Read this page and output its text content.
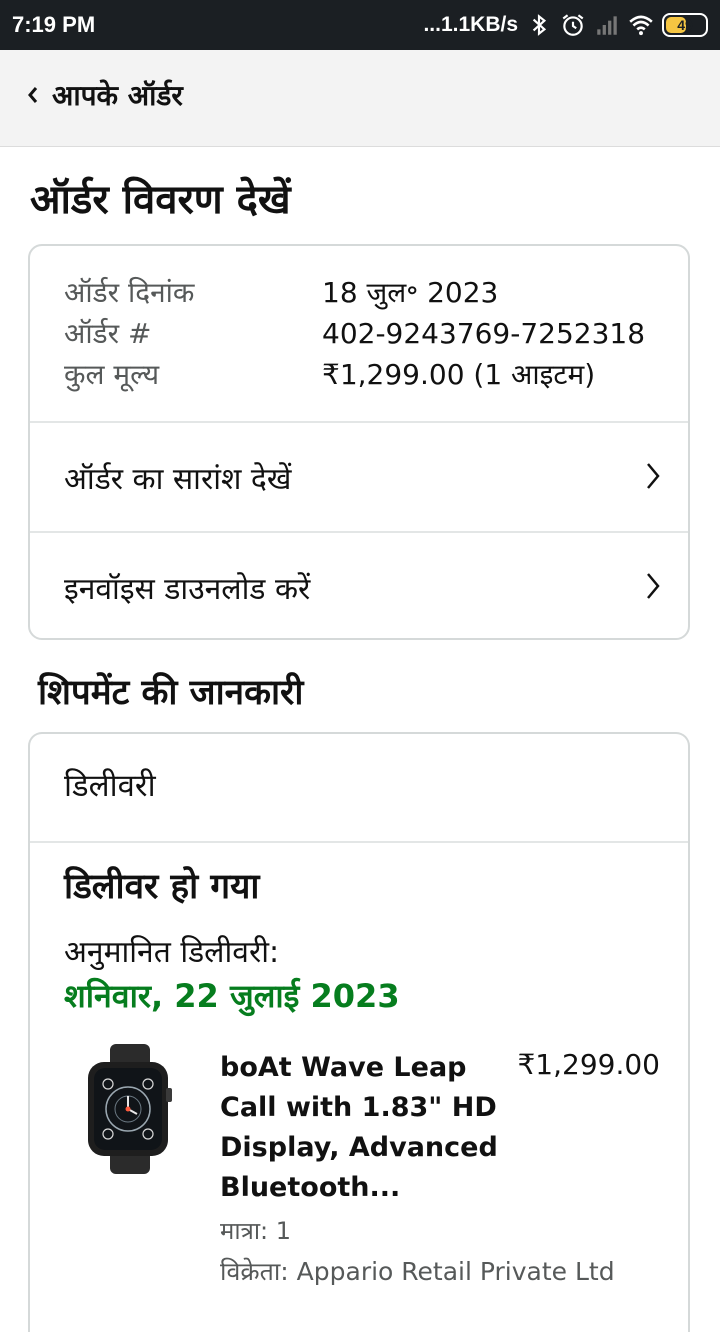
7:19 PM	...1.1KB/s	49
आपके ऑर्डर
ऑर्डर विवरण देखें
ऑर्डर दिनांक	18 जुल॰ 2023
ऑर्डर #	402-9243769-7252318
कुल मूल्य	₹1,299.00 (1 आइटम)
ऑर्डर का सारांश देखें
इनवॉइस डाउनलोड करें
शिपमेंट की जानकारी
डिलीवरी
डिलीवर हो गया
अनुमानित डिलीवरी:
शनिवार, 22 जुलाई 2023
boAt Wave Leap Call with 1.83" HD Display, Advanced Bluetooth...
₹1,299.00
मात्रा: 1
विक्रेता: Appario Retail Private Ltd
